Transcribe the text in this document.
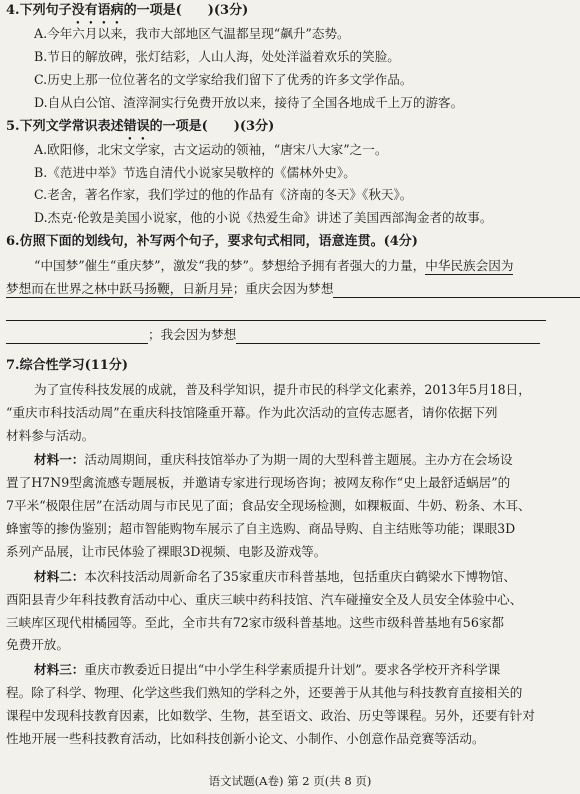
4.下列句子没有语病的一项是(　　)(3分)
A.今年六月以来，我市大部地区气温都呈现“飙升”态势。
B.节日的解放碑，张灯结彩，人山人海，处处洋溢着欢乐的笑脸。
C.历史上那一位位著名的文学家给我们留下了优秀的许多文学作品。
D.自从白公馆、渣滓洞实行免费开放以来，接待了全国各地成千上万的游客。
5.下列文学常识表述错误的一项是(　　)(3分)
A.欧阳修，北宋文学家，古文运动的领袖，“唐宋八大家”之一。
B.《范进中举》节选自清代小说家吴敬梓的《儒林外史》。
C.老舍，著名作家，我们学过的他的作品有《济南的冬天》《秋天》。
D.杰克·伦敦是美国小说家，他的小说《热爱生命》讲述了美国西部淘金者的故事。
6.仿照下面的划线句，补写两个句子，要求句式相同，语意连贯。(4分)
“中国梦”催生“重庆梦”，激发“我的梦”。梦想给予拥有者强大的力量，中华民族会因为
梦想而在世界之林中跃马扬鞭，日新月异；重庆会因为梦想
；我会因为梦想
7.综合性学习(11分)
为了宣传科技发展的成就，普及科学知识，提升市民的科学文化素养，2013年5月18日，
“重庆市科技活动周”在重庆科技馆隆重开幕。作为此次活动的宣传志愿者，请你依据下列
材料参与活动。
材料一：活动周期间，重庆科技馆举办了为期一周的大型科普主题展。主办方在会场设
置了H7N9型禽流感专题展板，并邀请专家进行现场咨询；被网友称作“史上最舒适蜗居”的
7平米“极限住居”在活动周与市民见了面；食品安全现场检测，如粿粄面、牛奶、粉条、木耳、
蜂蜜等的掺伪鉴别；超市智能购物车展示了自主选购、商品导购、自主结账等功能；课眼3D
系列产品展，让市民体验了裸眼3D视频、电影及游戏等。
材料二：本次科技活动周新命名了35家重庆市科普基地，包括重庆白鹤梁水下博物馆、
酉阳县青少年科技教育活动中心、重庆三峡中药科技馆、汽车碰撞安全及人员安全体验中心、
三峡库区现代柑橘园等。至此，全市共有72家市级科普基地。这些市级科普基地有56家都
语文试题(A卷) 第 2 页(共 8 页)
免费开放。
材料三：重庆市教委近日提出“中小学生科学素质提升计划”。要求各学校开齐科学课
程。除了科学、物理、化学这些我们熟知的学科之外，还要善于从其他与科技教育直接相关的
课程中发现科技教育因素，比如数学、生物，甚至语文、政治、历史等课程。另外，还要有针对
性地开展一些科技教育活动，比如科技创新小论文、小制作、小创意作品竞赛等活动。
